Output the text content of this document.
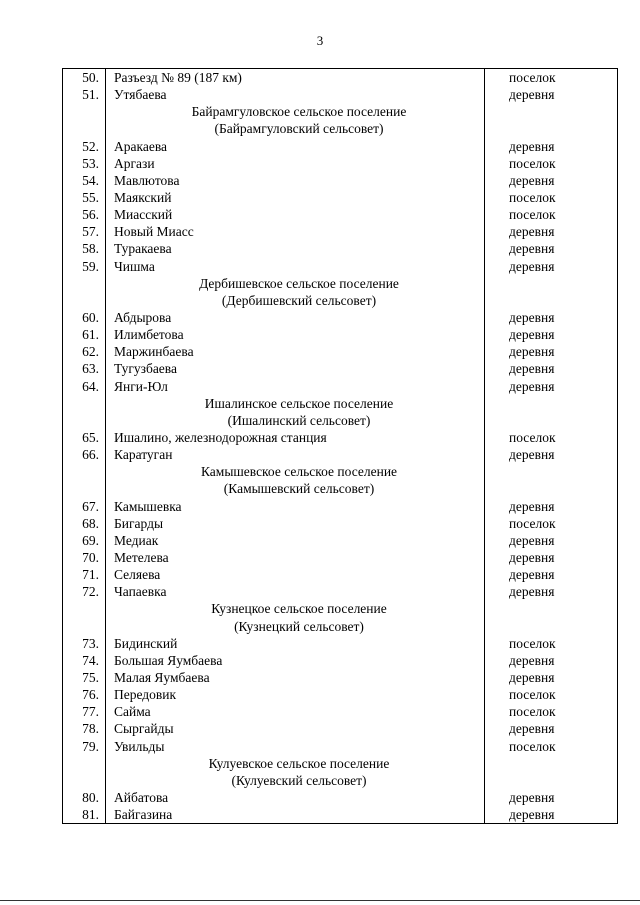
3
50.	Разъезд № 89 (187 км)	поселок
51.	Утябаева	деревня
	Байрамгуловское сельское поселение	
	(Байрамгуловский сельсовет)	
52.	Аракаева	деревня
53.	Аргази	поселок
54.	Мавлютова	деревня
55.	Маякский	поселок
56.	Миасский	поселок
57.	Новый Миасс	деревня
58.	Туракаева	деревня
59.	Чишма	деревня
	Дербишевское сельское поселение	
	(Дербишевский сельсовет)	
60.	Абдырова	деревня
61.	Илимбетова	деревня
62.	Маржинбаева	деревня
63.	Тугузбаева	деревня
64.	Янги-Юл	деревня
	Ишалинское сельское поселение	
	(Ишалинский сельсовет)	
65.	Ишалино, железнодорожная станция	поселок
66.	Каратуган	деревня
	Камышевское сельское поселение	
	(Камышевский сельсовет)	
67.	Камышевка	деревня
68.	Бигарды	поселок
69.	Медиак	деревня
70.	Метелева	деревня
71.	Селяева	деревня
72.	Чапаевка	деревня
	Кузнецкое сельское поселение	
	(Кузнецкий сельсовет)	
73.	Бидинский	поселок
74.	Большая Яумбаева	деревня
75.	Малая Яумбаева	деревня
76.	Передовик	поселок
77.	Сайма	поселок
78.	Сыргайды	деревня
79.	Увильды	поселок
	Кулуевское сельское поселение	
	(Кулуевский сельсовет)	
80.	Айбатова	деревня
81.	Байгазина	деревня
